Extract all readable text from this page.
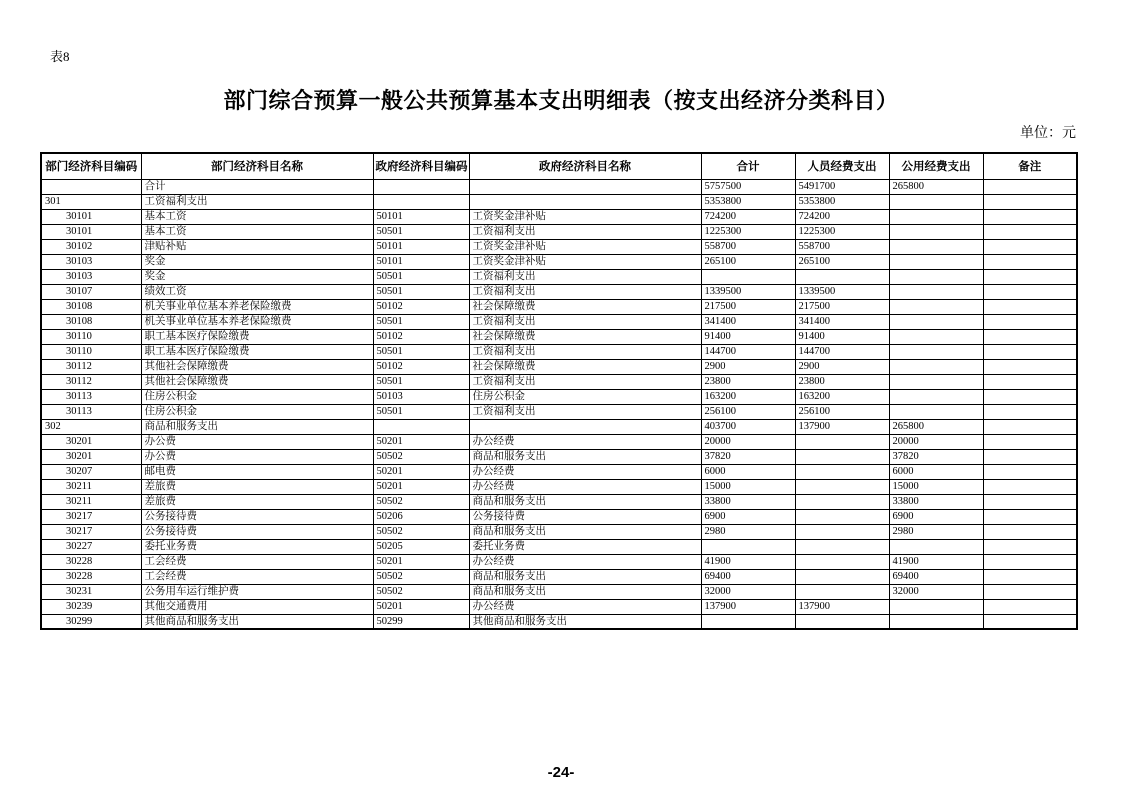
表8
部门综合预算一般公共预算基本支出明细表（按支出经济分类科目）
单位：元
部门经济科目编码	部门经济科目名称	政府经济科目编码	政府经济科目名称	合计	人员经费支出	公用经费支出	备注
	合计			5757500	5491700	265800	
301	工资福利支出			5353800	5353800		
30101	基本工资	50101	工资奖金津补贴	724200	724200		
30101	基本工资	50501	工资福利支出	1225300	1225300		
30102	津贴补贴	50101	工资奖金津补贴	558700	558700		
30103	奖金	50101	工资奖金津补贴	265100	265100		
30103	奖金	50501	工资福利支出				
30107	绩效工资	50501	工资福利支出	1339500	1339500		
30108	机关事业单位基本养老保险缴费	50102	社会保障缴费	217500	217500		
30108	机关事业单位基本养老保险缴费	50501	工资福利支出	341400	341400		
30110	职工基本医疗保险缴费	50102	社会保障缴费	91400	91400		
30110	职工基本医疗保险缴费	50501	工资福利支出	144700	144700		
30112	其他社会保障缴费	50102	社会保障缴费	2900	2900		
30112	其他社会保障缴费	50501	工资福利支出	23800	23800		
30113	住房公积金	50103	住房公积金	163200	163200		
30113	住房公积金	50501	工资福利支出	256100	256100		
302	商品和服务支出			403700	137900	265800	
30201	办公费	50201	办公经费	20000		20000	
30201	办公费	50502	商品和服务支出	37820		37820	
30207	邮电费	50201	办公经费	6000		6000	
30211	差旅费	50201	办公经费	15000		15000	
30211	差旅费	50502	商品和服务支出	33800		33800	
30217	公务接待费	50206	公务接待费	6900		6900	
30217	公务接待费	50502	商品和服务支出	2980		2980	
30227	委托业务费	50205	委托业务费				
30228	工会经费	50201	办公经费	41900		41900	
30228	工会经费	50502	商品和服务支出	69400		69400	
30231	公务用车运行维护费	50502	商品和服务支出	32000		32000	
30239	其他交通费用	50201	办公经费	137900	137900		
30299	其他商品和服务支出	50299	其他商品和服务支出				
-24-
